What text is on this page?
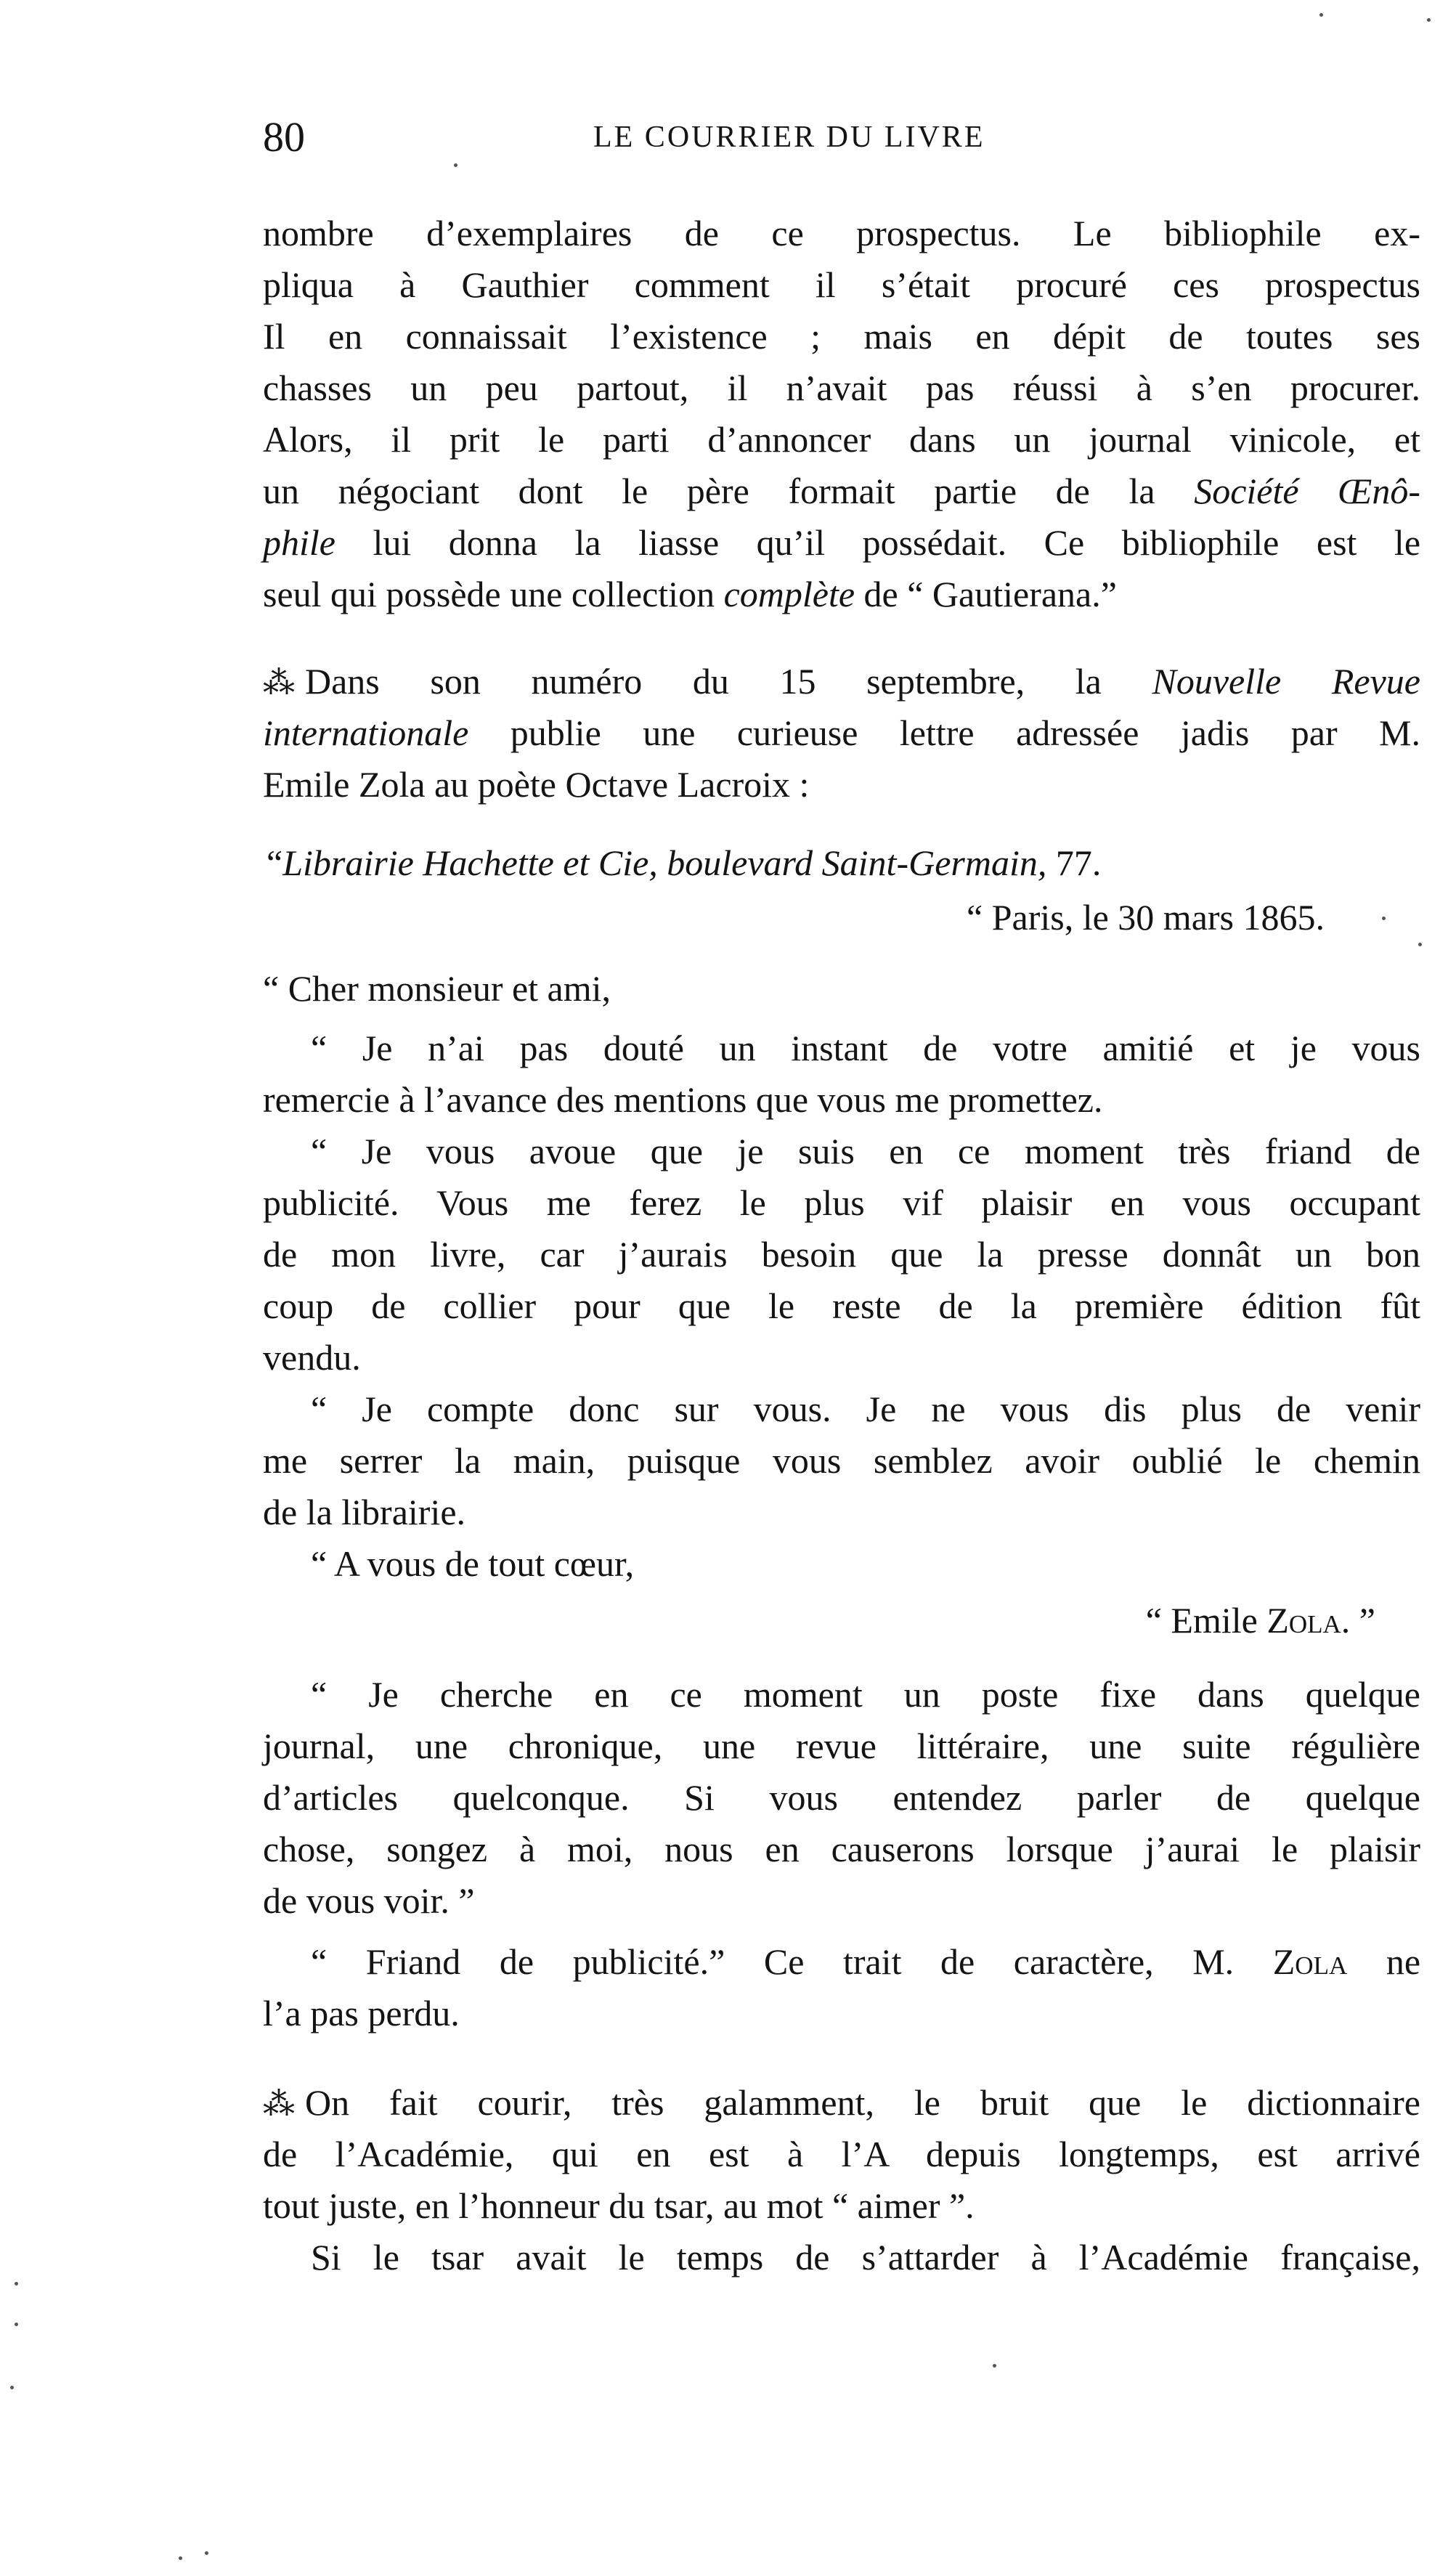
80	LE COURRIER DU LIVRE
nombre d’exemplaires de ce prospectus. Le bibliophile ex-
pliqua à Gauthier comment il s’était procuré ces prospectus
Il en connaissait l’existence ; mais en dépit de toutes ses
chasses un peu partout, il n’avait pas réussi à s’en procurer.
Alors, il prit le parti d’annoncer dans un journal vinicole, et
un négociant dont le père formait partie de la Société Œnô-
phile lui donna la liasse qu’il possédait. Ce bibliophile est le
seul qui possède une collection complète de “ Gautierana.”
⁂ Dans son numéro du 15 septembre, la Nouvelle Revue
internationale publie une curieuse lettre adressée jadis par M.
Emile Zola au poète Octave Lacroix :
“Librairie Hachette et Cie, boulevard Saint-Germain, 77.
“ Paris, le 30 mars 1865.
“ Cher monsieur et ami,
“ Je n’ai pas douté un instant de votre amitié et je vous
remercie à l’avance des mentions que vous me promettez.
“ Je vous avoue que je suis en ce moment très friand de
publicité. Vous me ferez le plus vif plaisir en vous occupant
de mon livre, car j’aurais besoin que la presse donnât un bon
coup de collier pour que le reste de la première édition fût
vendu.
“ Je compte donc sur vous. Je ne vous dis plus de venir
me serrer la main, puisque vous semblez avoir oublié le chemin
de la librairie.
“ A vous de tout cœur,
“ Emile Zola. ”
“ Je cherche en ce moment un poste fixe dans quelque
journal, une chronique, une revue littéraire, une suite régulière
d’articles quelconque. Si vous entendez parler de quelque
chose, songez à moi, nous en causerons lorsque j’aurai le plaisir
de vous voir. ”
“ Friand de publicité.” Ce trait de caractère, M. Zola ne
l’a pas perdu.
⁂ On fait courir, très galamment, le bruit que le dictionnaire
de l’Académie, qui en est à l’A depuis longtemps, est arrivé
tout juste, en l’honneur du tsar, au mot “ aimer ”.
Si le tsar avait le temps de s’attarder à l’Académie française,
